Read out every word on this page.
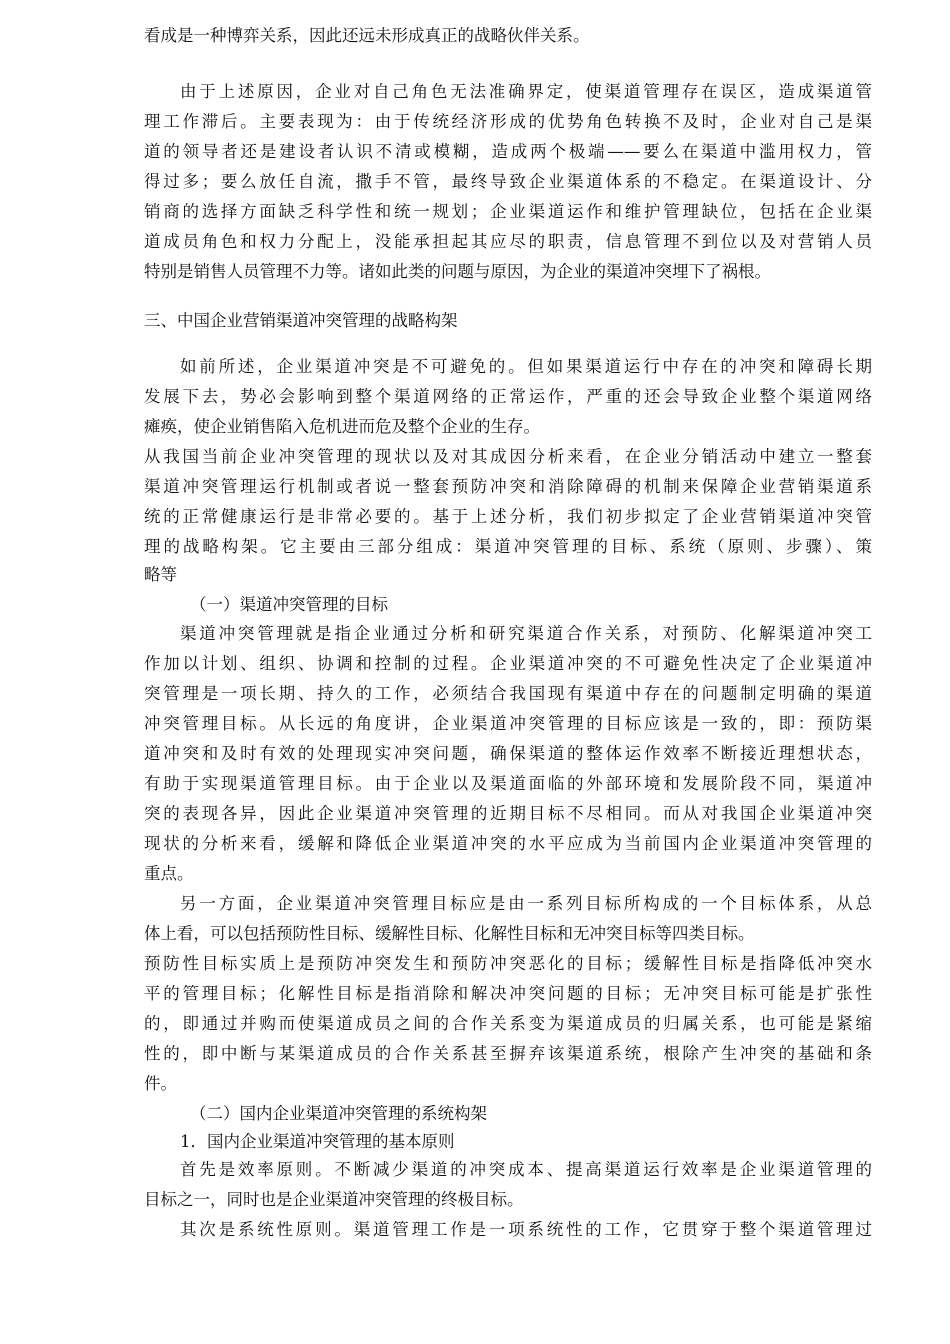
看成是一种博弈关系，因此还远未形成真正的战略伙伴关系。

由于上述原因，企业对自己角色无法准确界定，使渠道管理存在误区，造成渠道管

理工作滞后。主要表现为：由于传统经济形成的优势角色转换不及时，企业对自己是渠

道的领导者还是建设者认识不清或模糊，造成两个极端——要么在渠道中滥用权力，管

得过多；要么放任自流，撒手不管，最终导致企业渠道体系的不稳定。在渠道设计、分

销商的选择方面缺乏科学性和统一规划；企业渠道运作和维护管理缺位，包括在企业渠

道成员角色和权力分配上，没能承担起其应尽的职责，信息管理不到位以及对营销人员

特别是销售人员管理不力等。诸如此类的问题与原因，为企业的渠道冲突埋下了祸根。

三、中国企业营销渠道冲突管理的战略构架

如前所述，企业渠道冲突是不可避免的。但如果渠道运行中存在的冲突和障碍长期

发展下去，势必会影响到整个渠道网络的正常运作，严重的还会导致企业整个渠道网络

瘫痪，使企业销售陷入危机进而危及整个企业的生存。

从我国当前企业冲突管理的现状以及对其成因分析来看，在企业分销活动中建立一整套

渠道冲突管理运行机制或者说一整套预防冲突和消除障碍的机制来保障企业营销渠道系

统的正常健康运行是非常必要的。基于上述分析，我们初步拟定了企业营销渠道冲突管

理的战略构架。它主要由三部分组成：渠道冲突管理的目标、系统（原则、步骤）、策

略等

（一）渠道冲突管理的目标

渠道冲突管理就是指企业通过分析和研究渠道合作关系，对预防、化解渠道冲突工

作加以计划、组织、协调和控制的过程。企业渠道冲突的不可避免性决定了企业渠道冲

突管理是一项长期、持久的工作，必须结合我国现有渠道中存在的问题制定明确的渠道

冲突管理目标。从长远的角度讲，企业渠道冲突管理的目标应该是一致的，即：预防渠

道冲突和及时有效的处理现实冲突问题，确保渠道的整体运作效率不断接近理想状态，

有助于实现渠道管理目标。由于企业以及渠道面临的外部环境和发展阶段不同，渠道冲

突的表现各异，因此企业渠道冲突管理的近期目标不尽相同。而从对我国企业渠道冲突

现状的分析来看，缓解和降低企业渠道冲突的水平应成为当前国内企业渠道冲突管理的

重点。

另一方面，企业渠道冲突管理目标应是由一系列目标所构成的一个目标体系，从总

体上看，可以包括预防性目标、缓解性目标、化解性目标和无冲突目标等四类目标。

预防性目标实质上是预防冲突发生和预防冲突恶化的目标；缓解性目标是指降低冲突水

平的管理目标；化解性目标是指消除和解决冲突问题的目标；无冲突目标可能是扩张性

的，即通过并购而使渠道成员之间的合作关系变为渠道成员的归属关系，也可能是紧缩

性的，即中断与某渠道成员的合作关系甚至摒弃该渠道系统，根除产生冲突的基础和条

件。

（二）国内企业渠道冲突管理的系统构架

1．国内企业渠道冲突管理的基本原则

首先是效率原则。不断减少渠道的冲突成本、提高渠道运行效率是企业渠道管理的

目标之一，同时也是企业渠道冲突管理的终极目标。

其次是系统性原则。渠道管理工作是一项系统性的工作，它贯穿于整个渠道管理过
